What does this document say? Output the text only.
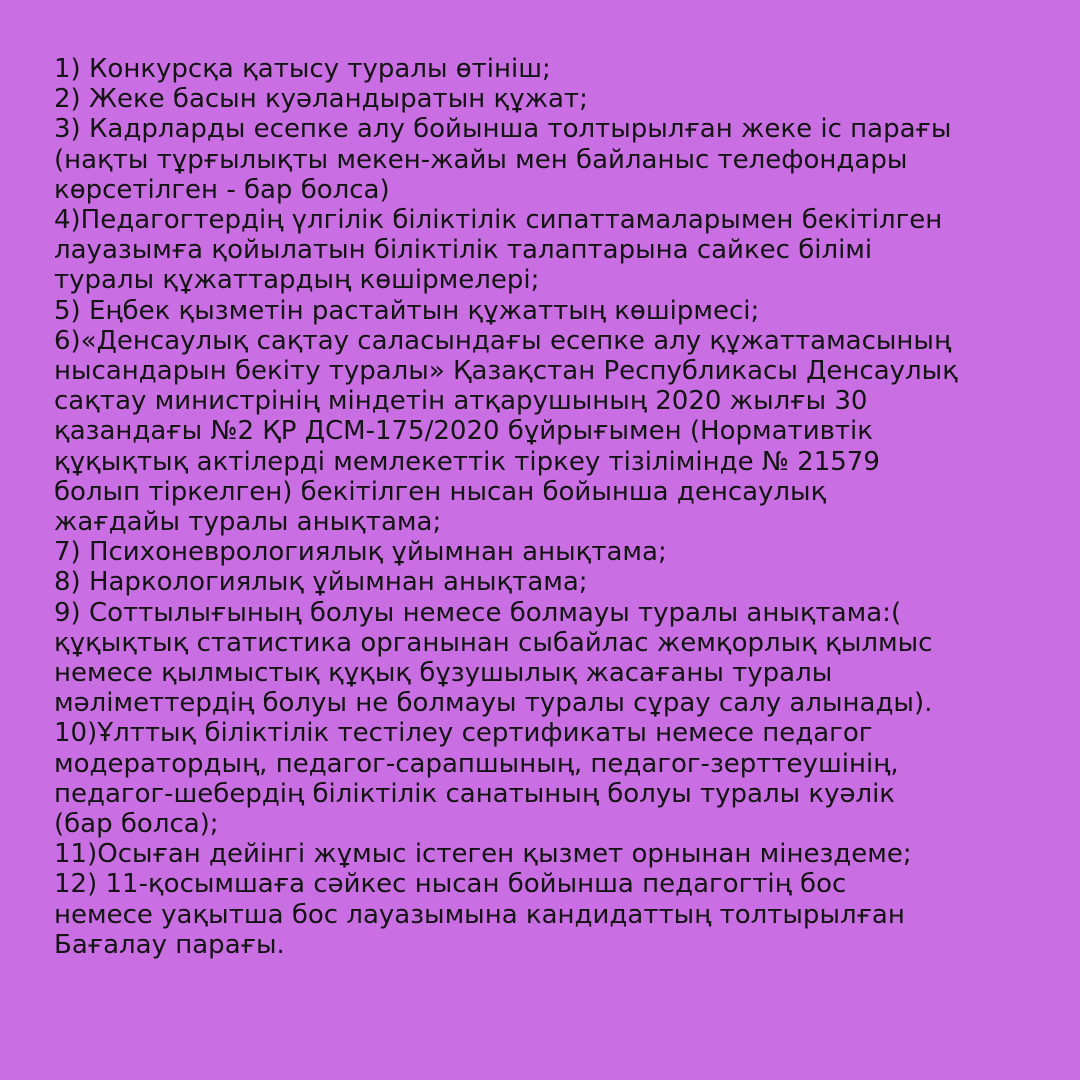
1) Конкурсқа қатысу туралы өтініш;
2) Жеке басын куәландыратын құжат;
3) Кадрларды есепке алу бойынша толтырылған жеке іс парағы
(нақты тұрғылықты мекен-жайы мен байланыс телефондары
көрсетілген - бар болса)
4)Педагогтердің үлгілік біліктілік сипаттамаларымен бекітілген
лауазымға қойылатын біліктілік талаптарына сайкес білімі
туралы құжаттардың көшірмелері;
5) Еңбек қызметін растайтын құжаттың көшірмесі;
6)«Денсаулық сақтау саласындағы есепке алу құжаттамасының
нысандарын бекіту туралы» Қазақстан Республикасы Денсаулық
сақтау министрінің міндетін атқарушының 2020 жылғы 30
қазандағы №2 ҚР ДСМ-175/2020 бұйрығымен (Нормативтік
құқықтық актілерді мемлекеттік тіркеу тізілімінде № 21579
болып тіркелген) бекітілген нысан бойынша денсаулық
жағдайы туралы анықтама;
7) Психоневрологиялық ұйымнан анықтама;
8) Наркологиялық ұйымнан анықтама;
9) Соттылығының болуы немесе болмауы туралы анықтама:(
құқықтық статистика органынан сыбайлас жемқорлық қылмыс
немесе қылмыстық құқық бұзушылық жасағаны туралы
мәліметтердің болуы не болмауы туралы сұрау салу алынады).
10)Ұлттық біліктілік тестілеу сертификаты немесе педагог
модератордың, педагог-сарапшының, педагог-зерттеушінің,
педагог-шебердің біліктілік санатының болуы туралы куәлік
(бар болса);
11)Осыған дейінгі жұмыс істеген қызмет орнынан мінездеме;
12) 11-қосымшаға сәйкес нысан бойынша педагогтің бос
немесе уақытша бос лауазымына кандидаттың толтырылған
Бағалау парағы.
